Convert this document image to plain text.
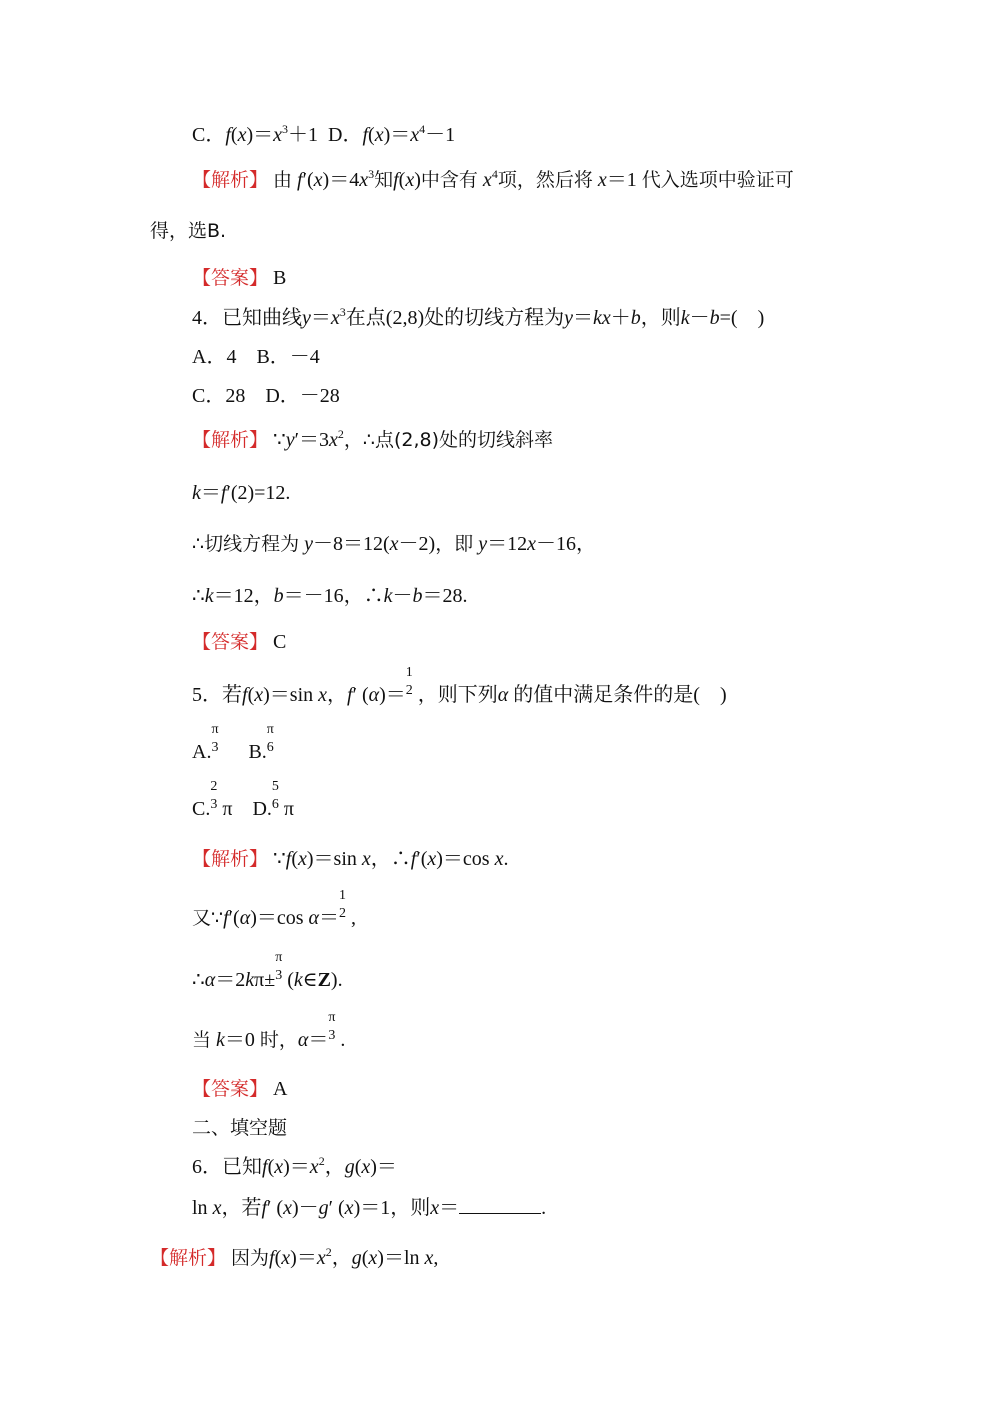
C．$f(x)=x^3+1$  D．$f(x)=x^4-1$
【解析】 由 $f'(x)=4x^3$知f(x)中含有 $x^4$项，然后将 x＝1 代入选项中验证可
得，选B.
【答案】 B
4．已知曲线$y=x^3$在点(2,8)处的切线方程为y＝kx＋b，则k－b=(　)
A．4　B．－4
C．28　D．－28
【解析】 $\because y'=3x^2$，∴点(2,8)处的切线斜率
k＝f′(2)=12.
∴切线方程为 y－8＝12(x－2)，即 y＝12x－16，
∴k＝12，b＝－16，∴k－b＝28.
【答案】 C
5．若f(x)＝sin x，f′ (α)＝
1
2 ，则下列α 的值中满足条件的是(　)
A.
π
3 B.
π
6
C.
2
3 π    D.
5
6 π
【解析】 ∵f(x)＝sin x，∴f′(x)＝cos x.
又∵f′(α)＝cos α＝
1
2 ,
∴α＝2kπ±
π
3 (k∈Z).
当 k＝0 时，α＝
π
3 .
【答案】 A
二、填空题
6．已知$f(x)=x^2$，g(x)＝
ln x，若f′ (x)－g′ (x)＝1，则x＝	.
【解析】 因为$f(x)=x^2$，g(x)＝ln x,
